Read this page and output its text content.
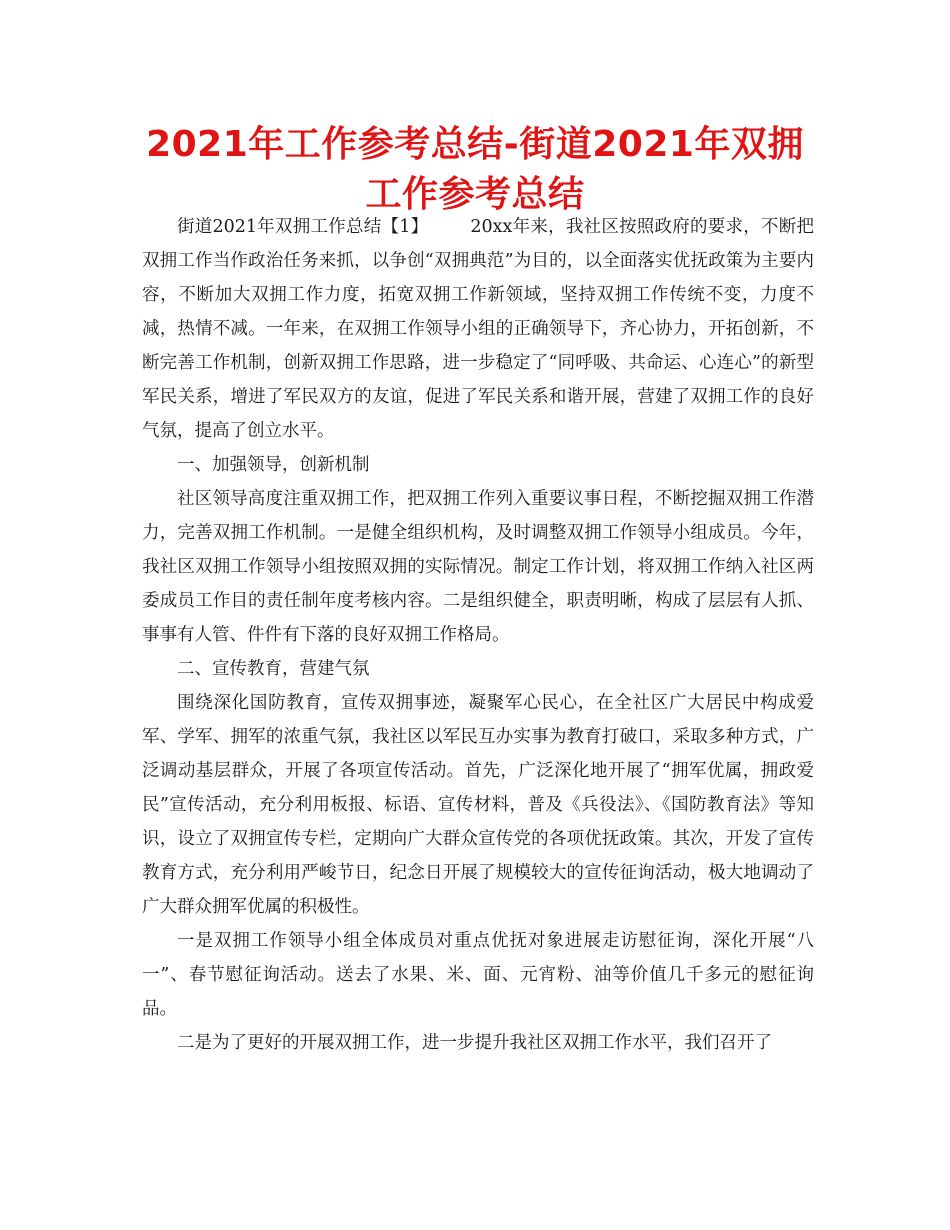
2021年工作参考总结-街道2021年双拥工作参考总结

街道2021年双拥工作总结【1】 20xx年来，我社区按照政府的要求，不断把双拥工作当作政治任务来抓，以争创“双拥典范”为目的，以全面落实优抚政策为主要内容，不断加大双拥工作力度，拓宽双拥工作新领域，坚持双拥工作传统不变，力度不减，热情不减。一年来，在双拥工作领导小组的正确领导下，齐心协力，开拓创新，不断完善工作机制，创新双拥工作思路，进一步稳定了“同呼吸、共命运、心连心”的新型军民关系，增进了军民双方的友谊，促进了军民关系和谐开展，营建了双拥工作的良好气氛，提高了创立水平。

一、加强领导，创新机制

社区领导高度注重双拥工作，把双拥工作列入重要议事日程，不断挖掘双拥工作潜力，完善双拥工作机制。一是健全组织机构，及时调整双拥工作领导小组成员。今年，我社区双拥工作领导小组按照双拥的实际情况。制定工作计划，将双拥工作纳入社区两委成员工作目的责任制年度考核内容。二是组织健全，职责明晰，构成了层层有人抓、事事有人管、件件有下落的良好双拥工作格局。

二、宣传教育，营建气氛

围绕深化国防教育，宣传双拥事迹，凝聚军心民心，在全社区广大居民中构成爱军、学军、拥军的浓重气氛，我社区以军民互办实事为教育打破口，采取多种方式，广泛调动基层群众，开展了各项宣传活动。首先，广泛深化地开展了“拥军优属，拥政爱民”宣传活动，充分利用板报、标语、宣传材料，普及《兵役法》、《国防教育法》等知识，设立了双拥宣传专栏，定期向广大群众宣传党的各项优抚政策。其次，开发了宣传教育方式，充分利用严峻节日，纪念日开展了规模较大的宣传征询活动，极大地调动了广大群众拥军优属的积极性。

一是双拥工作领导小组全体成员对重点优抚对象进展走访慰征询，深化开展“八一”、春节慰征询活动。送去了水果、米、面、元宵粉、油等价值几千多元的慰征询品。

二是为了更好的开展双拥工作，进一步提升我社区双拥工作水平，我们召开了
